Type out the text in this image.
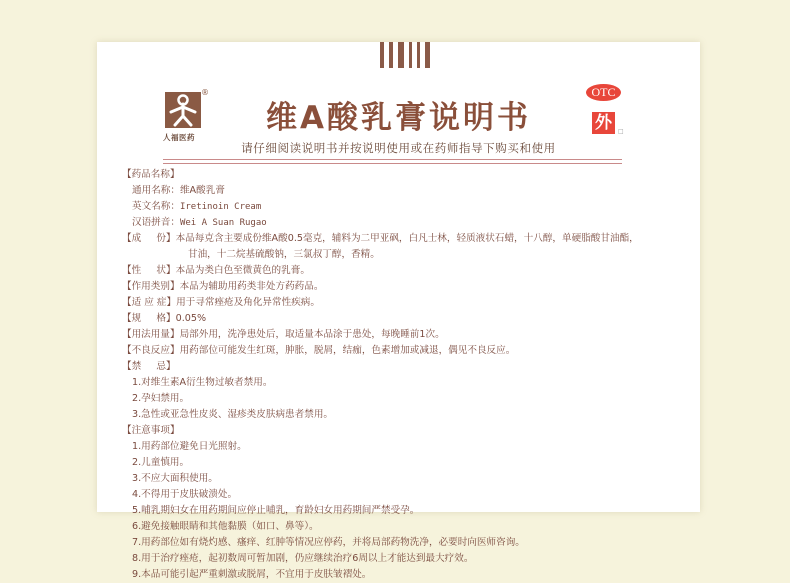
®
人福医药
维A酸乳膏说明书
请仔细阅读说明书并按说明使用或在药师指导下购买和使用
OTC
外	□
【药品名称】
通用名称： 维A酸乳膏
英文名称： Iretinoin Cream
汉语拼音： Wei A Suan Rugao
【成     份】 本品每克含主要成份维A酸0.5毫克，辅料为二甲亚砜，白凡士林，轻质液状石蜡，十八醇，单硬脂酸甘油酯，
甘油，十二烷基硫酸钠，三氯叔丁醇，香精。
【性     状】 本品为类白色至微黄色的乳膏。
【作用类别】 本品为辅助用药类非处方药药品。
【适 应 症】 用于寻常痤疮及角化异常性疾病。
【规     格】 0.05%
【用法用量】 局部外用，洗净患处后，取适量本品涂于患处，每晚睡前1次。
【不良反应】 用药部位可能发生红斑，肿胀，脱屑，结痂，色素增加或减退，偶见不良反应。
【禁     忌】
1.对维生素A衍生物过敏者禁用。
2.孕妇禁用。
3.急性或亚急性皮炎、湿疹类皮肤病患者禁用。
【注意事项】
1.用药部位避免日光照射。
2.儿童慎用。
3.不应大面积使用。
4.不得用于皮肤破溃处。
5.哺乳期妇女在用药期间应停止哺乳，育龄妇女用药期间严禁受孕。
6.避免接触眼睛和其他黏膜（如口、鼻等）。
7.用药部位如有烧灼感、瘙痒、红肿等情况应停药，并将局部药物洗净，必要时向医师咨询。
8.用于治疗痤疮，起初数周可暂加剧，仍应继续治疗6周以上才能达到最大疗效。
9.本品可能引起严重刺激或脱屑，不宜用于皮肤皱褶处。
